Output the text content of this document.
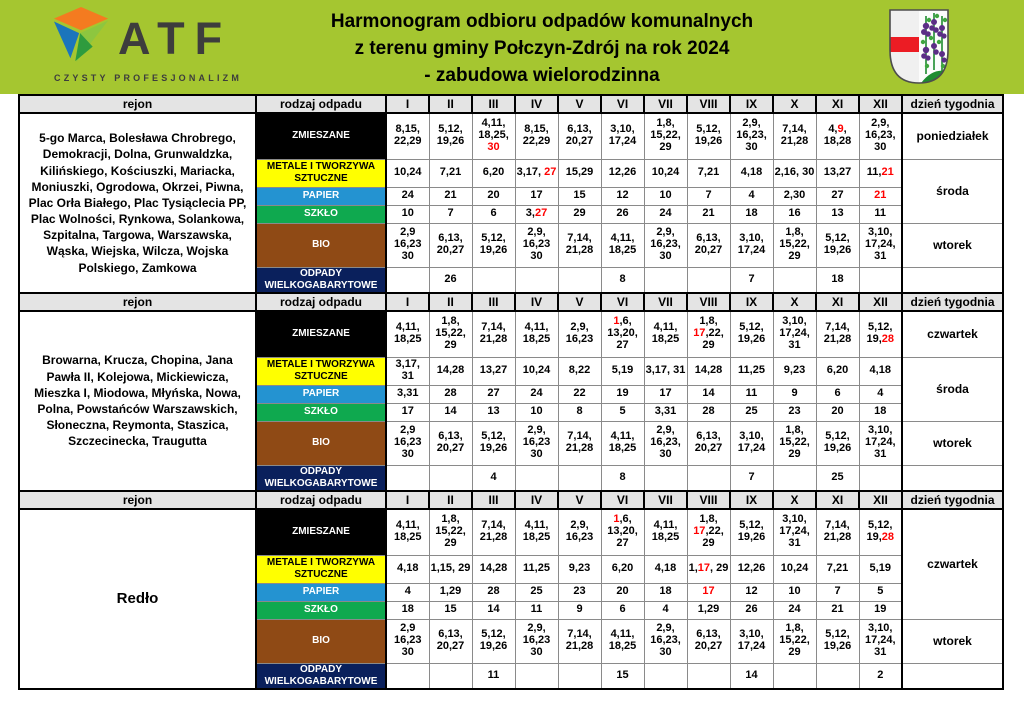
ATF
CZYSTY PROFESJONALIZM
Harmonogram odbioru odpadów komunalnych
z terenu gminy Połczyn-Zdrój na rok 2024
- zabudowa wielorodzinna
rejon	rodzaj odpadu	I	II	III	IV	V	VI	VII	VIII	IX	X	XI	XII	dzień tygodnia
5-go Marca, Bolesława Chrobrego, Demokracji, Dolna, Grunwaldzka, Kilińskiego, Kościuszki, Mariacka, Moniuszki, Ogrodowa, Okrzei, Piwna, Plac Orła Białego, Plac Tysiąclecia PP, Plac Wolności, Rynkowa, Solankowa, Szpitalna, Targowa, Warszawska, Wąska, Wiejska, Wilcza, Wojska Polskiego, Zamkowa	ZMIESZANE	8,15, 22,29	5,12, 19,26	4,11, 18,25, 30	8,15, 22,29	6,13, 20,27	3,10, 17,24	1,8, 15,22, 29	5,12, 19,26	2,9, 16,23, 30	7,14, 21,28	4,9, 18,28	2,9, 16,23, 30	poniedziałek
	METALE I TWORZYWA SZTUCZNE	10,24	7,21	6,20	3,17, 27	15,29	12,26	10,24	7,21	4,18	2,16, 30	13,27	11,21	środa
	PAPIER	24	21	20	17	15	12	10	7	4	2,30	27	21	
	SZKŁO	10	7	6	3,27	29	26	24	21	18	16	13	11	
	BIO	2,9 16,23 30	6,13, 20,27	5,12, 19,26	2,9, 16,23 30	7,14, 21,28	4,11, 18,25	2,9, 16,23, 30	6,13, 20,27	3,10, 17,24	1,8, 15,22, 29	5,12, 19,26	3,10, 17,24, 31	wtorek
	ODPADY WIELKOGABARYTOWE		26				8			7		18		
rejon	rodzaj odpadu	I	II	III	IV	V	VI	VII	VIII	IX	X	XI	XII	dzień tygodnia
Browarna, Krucza, Chopina, Jana Pawła II, Kolejowa, Mickiewicza, Mieszka I, Miodowa, Młyńska, Nowa, Polna, Powstańców Warszawskich, Słoneczna, Reymonta, Staszica, Szczecinecka, Traugutta	ZMIESZANE	4,11, 18,25	1,8, 15,22, 29	7,14, 21,28	4,11, 18,25	2,9, 16,23	1,6, 13,20, 27	4,11, 18,25	1,8, 17,22, 29	5,12, 19,26	3,10, 17,24, 31	7,14, 21,28	5,12, 19,28	czwartek
	METALE I TWORZYWA SZTUCZNE	3,17, 31	14,28	13,27	10,24	8,22	5,19	3,17, 31	14,28	11,25	9,23	6,20	4,18	środa
	PAPIER	3,31	28	27	24	22	19	17	14	11	9	6	4	
	SZKŁO	17	14	13	10	8	5	3,31	28	25	23	20	18	
	BIO	2,9 16,23 30	6,13, 20,27	5,12, 19,26	2,9, 16,23 30	7,14, 21,28	4,11, 18,25	2,9, 16,23, 30	6,13, 20,27	3,10, 17,24	1,8, 15,22, 29	5,12, 19,26	3,10, 17,24, 31	wtorek
	ODPADY WIELKOGABARYTOWE			4			8			7		25		
rejon	rodzaj odpadu	I	II	III	IV	V	VI	VII	VIII	IX	X	XI	XII	dzień tygodnia
Redło	ZMIESZANE	4,11, 18,25	1,8, 15,22, 29	7,14, 21,28	4,11, 18,25	2,9, 16,23	1,6, 13,20, 27	4,11, 18,25	1,8, 17,22, 29	5,12, 19,26	3,10, 17,24, 31	7,14, 21,28	5,12, 19,28	czwartek
	METALE I TWORZYWA SZTUCZNE	4,18	1,15, 29	14,28	11,25	9,23	6,20	4,18	1,17, 29	12,26	10,24	7,21	5,19	
	PAPIER	4	1,29	28	25	23	20	18	17	12	10	7	5	
	SZKŁO	18	15	14	11	9	6	4	1,29	26	24	21	19	
	BIO	2,9 16,23 30	6,13, 20,27	5,12, 19,26	2,9, 16,23 30	7,14, 21,28	4,11, 18,25	2,9, 16,23, 30	6,13, 20,27	3,10, 17,24	1,8, 15,22, 29	5,12, 19,26	3,10, 17,24, 31	wtorek
	ODPADY WIELKOGABARYTOWE			11			15			14			2	
